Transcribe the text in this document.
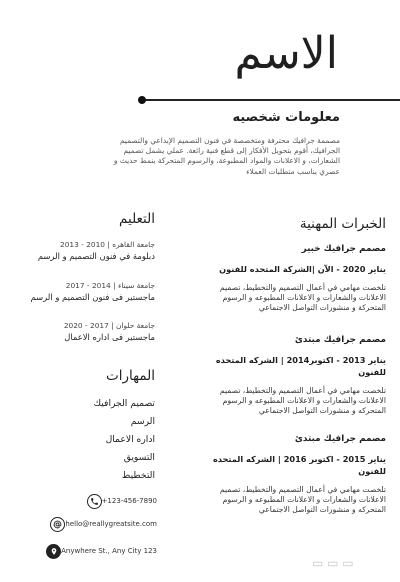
الاسم
معلومات شخصيه
مصممة جرافيك محترفة ومتخصصة في فنون التصميم الإبداعي والتصميم الجرافيك، أقوم بتحويل الأفكار إلى قطع فنية رائعة. عملي يشمل تصميم الشعارات، و الاعلانات والمواد المطبوعة، والرسوم المتحركة بنمط حديث و عصري يناسب متطلبات العملاء
التعليم
جامعة القاهره | 2010 - 2013
دبلومة في فنون التصميم و الرسم
جامعة سيناء | 2014 - 2017
ماجستير فى فنون التصميم و الرسم
جامعة حلوان | 2017 - 2020
ماجستير فى اداره الاعمال
المهارات
تصميم الجرافيك
الرسم
اداره الاعمال
التسويق
التخطيط
+123-456-7890
hello@reallygreatsite.com
Anywhere St., Any City 123
الخبرات المهنية
مصمم جرافيك خبير
يناير 2020 - الآن |الشركة المتحده للفنون
تلخصت مهامي في أعمال التصميم والتخطيط، تصميم الاعلانات والشعارات و الاعلانات المطبوعه و الرسوم المتحركة و منشورات التواصل الاجتماعي
مصمم جرافيك مبتدئ
يناير 2013 - اكتوبر2014 | الشركه المتحده للفنون
تلخصت مهامي في أعمال التصميم والتخطيط، تصميم الاعلانات والشعارات و الاعلانات المطبوعه و الرسوم المتحركه و منشورات التواصل الاجتماعي
مصمم جرافيك مبتدئ
يناير 2015 - اكتوبر 2016 | الشركه المتحده للفنون
تلخصت مهامي في أعمال التصميم والتخطيط، تصميم الاعلانات والشعارات و الاعلانات المطبوعه و الرسوم المتحركه و منشورات التواصل الاجتماعي
▭ ▭ ▭
